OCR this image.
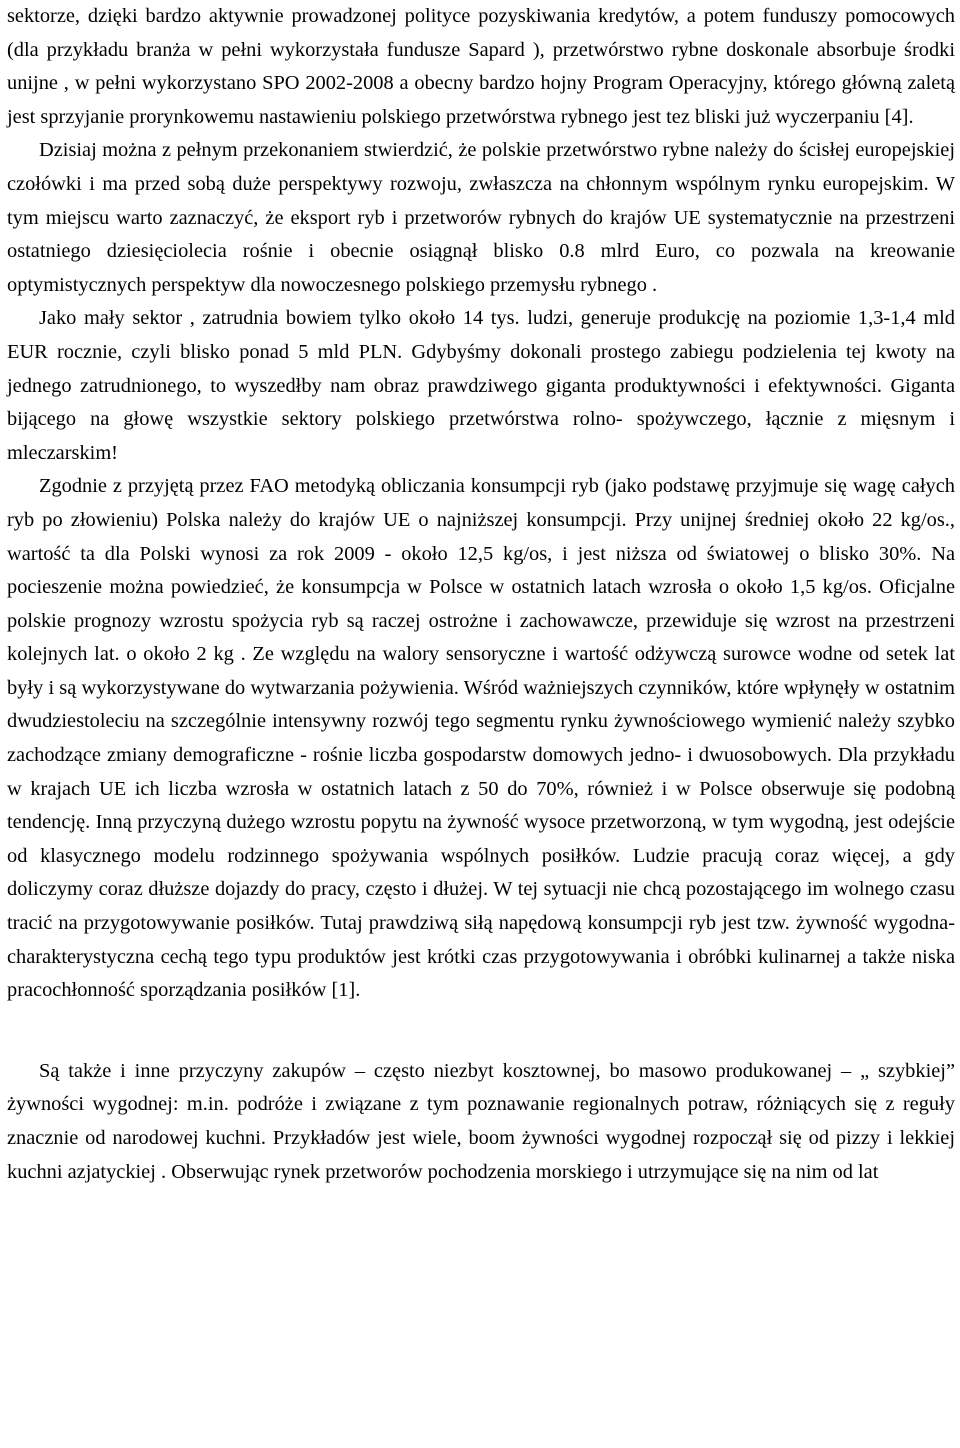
sektorze, dzięki bardzo aktywnie prowadzonej polityce pozyskiwania kredytów, a potem funduszy pomocowych (dla przykładu branża w pełni wykorzystała fundusze Sapard ), przetwórstwo rybne doskonale absorbuje środki unijne , w pełni wykorzystano SPO 2002-2008 a obecny bardzo hojny Program Operacyjny, którego główną zaletą jest sprzyjanie prorynkowemu nastawieniu polskiego przetwórstwa rybnego jest tez bliski już wyczerpaniu [4].

Dzisiaj można z pełnym przekonaniem stwierdzić, że polskie przetwórstwo rybne należy do ścisłej europejskiej czołówki i ma przed sobą duże perspektywy rozwoju, zwłaszcza na chłonnym wspólnym rynku europejskim. W tym miejscu warto zaznaczyć, że eksport ryb i przetworów rybnych do krajów UE systematycznie na przestrzeni ostatniego dziesięciolecia rośnie i obecnie osiągnął blisko 0.8 mlrd Euro, co pozwala na kreowanie optymistycznych perspektyw dla nowoczesnego polskiego przemysłu rybnego .

Jako mały sektor , zatrudnia bowiem tylko około 14 tys. ludzi, generuje produkcję na poziomie 1,3-1,4 mld EUR rocznie, czyli blisko ponad 5 mld PLN. Gdybyśmy dokonali prostego zabiegu podzielenia tej kwoty na jednego zatrudnionego, to wyszedłby nam obraz prawdziwego giganta produktywności i efektywności. Giganta bijącego na głowę wszystkie sektory polskiego przetwórstwa rolno- spożywczego, łącznie z mięsnym i mleczarskim!

Zgodnie z przyjętą przez FAO metodyką obliczania konsumpcji ryb (jako podstawę przyjmuje się wagę całych ryb po złowieniu) Polska należy do krajów UE o najniższej konsumpcji. Przy unijnej średniej około 22 kg/os., wartość ta dla Polski wynosi za rok 2009 - około 12,5 kg/os, i jest niższa od światowej o blisko 30%. Na pocieszenie można powiedzieć, że konsumpcja w Polsce w ostatnich latach wzrosła o około 1,5 kg/os. Oficjalne polskie prognozy wzrostu spożycia ryb są raczej ostrożne i zachowawcze, przewiduje się wzrost na przestrzeni kolejnych lat. o około 2 kg . Ze względu na walory sensoryczne i wartość odżywczą surowce wodne od setek lat były i są wykorzystywane do wytwarzania pożywienia. Wśród ważniejszych czynników, które wpłynęły w ostatnim dwudziestoleciu na szczególnie intensywny rozwój tego segmentu rynku żywnościowego wymienić należy szybko zachodzące zmiany demograficzne - rośnie liczba gospodarstw domowych jedno- i dwuosobowych. Dla przykładu w krajach UE ich liczba wzrosła w ostatnich latach z 50 do 70%, również i w Polsce obserwuje się podobną tendencję. Inną przyczyną dużego wzrostu popytu na żywność wysoce przetworzoną, w tym wygodną, jest odejście od klasycznego modelu rodzinnego spożywania wspólnych posiłków. Ludzie pracują coraz więcej, a gdy doliczymy coraz dłuższe dojazdy do pracy, często i dłużej. W tej sytuacji nie chcą pozostającego im wolnego czasu tracić na przygotowywanie posiłków. Tutaj prawdziwą siłą napędową konsumpcji ryb jest tzw. żywność wygodna- charakterystyczna cechą tego typu produktów jest krótki czas przygotowywania i obróbki kulinarnej a także niska pracochłonność sporządzania posiłków [1].

Są także i inne przyczyny zakupów – często niezbyt kosztownej, bo masowo produkowanej – „ szybkiej” żywności wygodnej: m.in. podróże i związane z tym poznawanie regionalnych potraw, różniących się z reguły znacznie od narodowej kuchni. Przykładów jest wiele, boom żywności wygodnej rozpoczął się od pizzy i lekkiej kuchni azjatyckiej . Obserwując rynek przetworów pochodzenia morskiego i utrzymujące się na nim od lat
